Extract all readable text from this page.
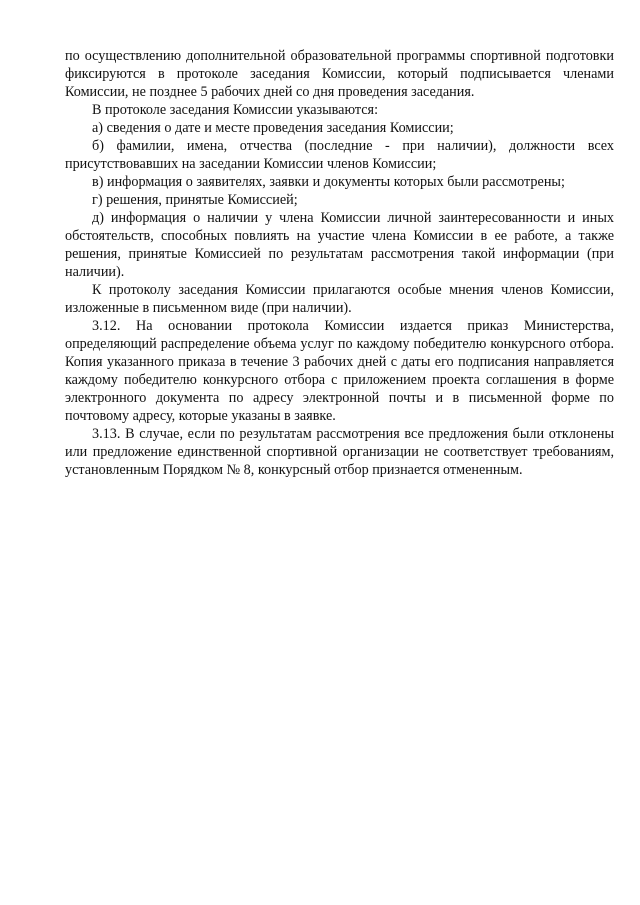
по осуществлению дополнительной образовательной программы спортивной подготовки фиксируются в протоколе заседания Комиссии, который подписывается членами Комиссии, не позднее 5 рабочих дней со дня проведения заседания.

В протоколе заседания Комиссии указываются:

а) сведения о дате и месте проведения заседания Комиссии;

б) фамилии, имена, отчества (последние - при наличии), должности всех присутствовавших на заседании Комиссии членов Комиссии;

в) информация о заявителях, заявки и документы которых были рассмотрены;

г) решения, принятые Комиссией;

д) информация о наличии у члена Комиссии личной заинтересованности и иных обстоятельств, способных повлиять на участие члена Комиссии в ее работе, а также решения, принятые Комиссией по результатам рассмотрения такой информации (при наличии).

К протоколу заседания Комиссии прилагаются особые мнения членов Комиссии, изложенные в письменном виде (при наличии).

3.12. На основании протокола Комиссии издается приказ Министерства, определяющий распределение объема услуг по каждому победителю конкурсного отбора. Копия указанного приказа в течение 3 рабочих дней с даты его подписания направляется каждому победителю конкурсного отбора с приложением проекта соглашения в форме электронного документа по адресу электронной почты и в письменной форме по почтовому адресу, которые указаны в заявке.

3.13. В случае, если по результатам рассмотрения все предложения были отклонены или предложение единственной спортивной организации не соответствует требованиям, установленным Порядком № 8, конкурсный отбор признается отмененным.
